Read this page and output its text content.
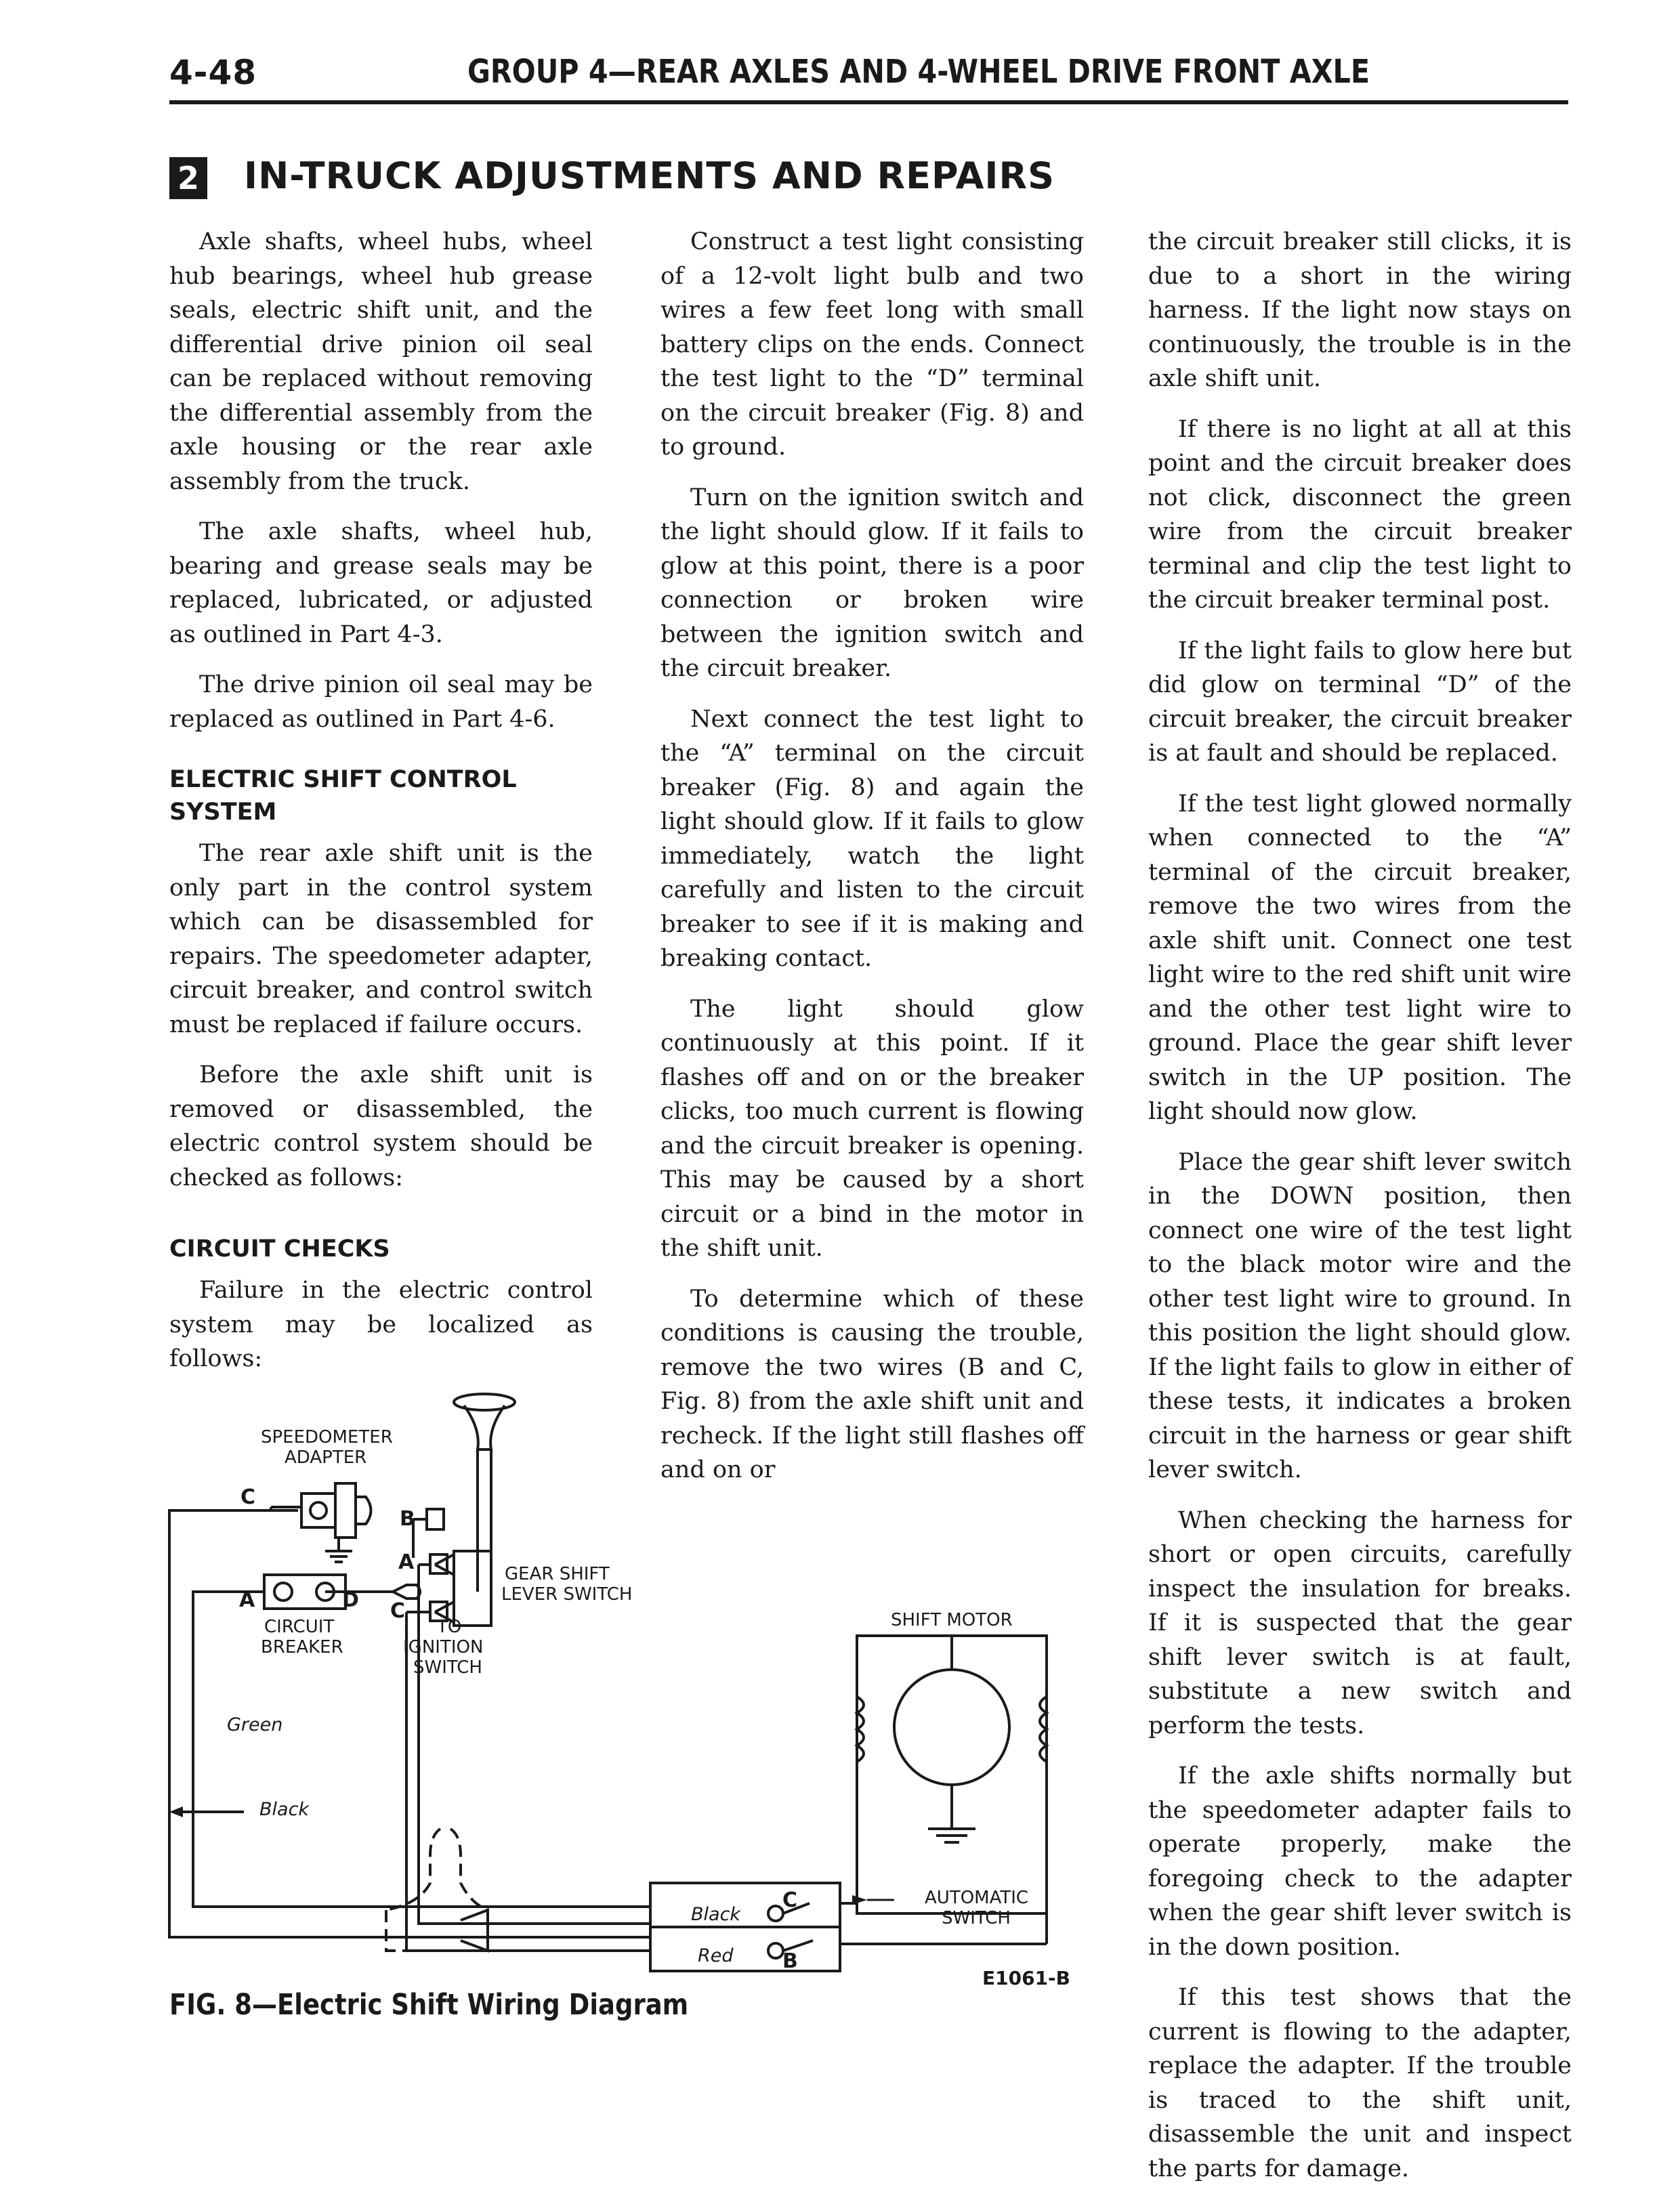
4-48	GROUP 4—REAR AXLES AND 4-WHEEL DRIVE FRONT AXLE
2 IN-TRUCK ADJUSTMENTS AND REPAIRS

Axle shafts, wheel hubs, wheel hub bearings, wheel hub grease seals, electric shift unit, and the differential drive pinion oil seal can be replaced without removing the differential assembly from the axle housing or the rear axle assembly from the truck.

The axle shafts, wheel hub, bearing and grease seals may be replaced, lubricated, or adjusted as outlined in Part 4-3.

The drive pinion oil seal may be replaced as outlined in Part 4-6.

ELECTRIC SHIFT CONTROL SYSTEM

The rear axle shift unit is the only part in the control system which can be disassembled for repairs. The speedometer adapter, circuit breaker, and control switch must be replaced if failure occurs.

Before the axle shift unit is removed or disassembled, the electric control system should be checked as follows:

CIRCUIT CHECKS

Failure in the electric control system may be localized as follows:

Construct a test light consisting of a 12-volt light bulb and two wires a few feet long with small battery clips on the ends. Connect the test light to the “D” terminal on the circuit breaker (Fig. 8) and to ground.

Turn on the ignition switch and the light should glow. If it fails to glow at this point, there is a poor connection or broken wire between the ignition switch and the circuit breaker.

Next connect the test light to the “A” terminal on the circuit breaker (Fig. 8) and again the light should glow. If it fails to glow immediately, watch the light carefully and listen to the circuit breaker to see if it is making and breaking contact.

The light should glow continuously at this point. If it flashes off and on or the breaker clicks, too much current is flowing and the circuit breaker is opening. This may be caused by a short circuit or a bind in the motor in the shift unit.

To determine which of these conditions is causing the trouble, remove the two wires (B and C, Fig. 8) from the axle shift unit and recheck. If the light still flashes off and on or

the circuit breaker still clicks, it is due to a short in the wiring harness. If the light now stays on continuously, the trouble is in the axle shift unit.

If there is no light at all at this point and the circuit breaker does not click, disconnect the green wire from the circuit breaker terminal and clip the test light to the circuit breaker terminal post.

If the light fails to glow here but did glow on terminal “D” of the circuit breaker, the circuit breaker is at fault and should be replaced.

If the test light glowed normally when connected to the “A” terminal of the circuit breaker, remove the two wires from the axle shift unit. Connect one test light wire to the red shift unit wire and the other test light wire to ground. Place the gear shift lever switch in the UP position. The light should now glow.

Place the gear shift lever switch in the DOWN position, then connect one wire of the test light to the black motor wire and the other test light wire to ground. In this position the light should glow. If the light fails to glow in either of these tests, it indicates a broken circuit in the harness or gear shift lever switch.

When checking the harness for short or open circuits, carefully inspect the insulation for breaks. If it is suspected that the gear shift lever switch is at fault, substitute a new switch and perform the tests.

If the axle shifts normally but the speedometer adapter fails to operate properly, make the foregoing check to the adapter when the gear shift lever switch is in the down position.

If this test shows that the current is flowing to the adapter, replace the adapter. If the trouble is traced to the shift unit, disassemble the unit and inspect the parts for damage.

SPEEDOMETER
ADAPTER
C
A	D
CIRCUIT
BREAKER
TO
IGNITION
SWITCH
Green
Black
B
A
C
GEAR SHIFT
LEVER SWITCH
SHIFT MOTOR
AUTOMATIC
SWITCH
Black
Red
C
B
E1061-B
FIG. 8—Electric Shift Wiring Diagram
